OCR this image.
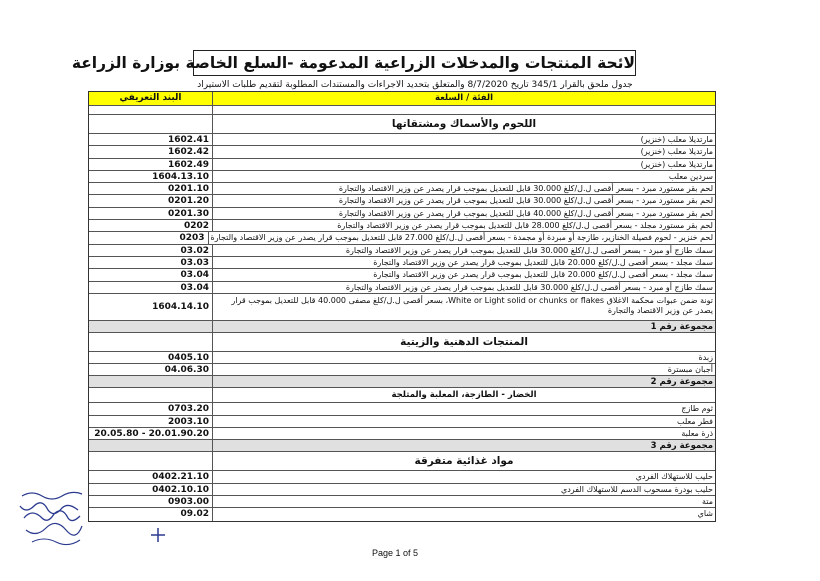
لائحة المنتجات والمدخلات الزراعية المدعومة -السلع الخاصة بوزارة الزراعة
جدول ملحق بالقرار 345/1 تاريخ 8/7/2020 والمتعلق بتحديد الاجراءات والمستندات المطلوبة لتقديم طلبات الاستيراد
الفئة / السلعة
البند التعريفي
اللحوم والأسماك ومشتقاتها
مارتديلا معلب (خنزير)
1602.41
مارتديلا معلب (خنزير)
1602.42
مارتديلا معلب (خنزير)
1602.49
سردين معلب
1604.13.10
لحم بقر مستورد مبرد - بسعر أقصى ل.ل/كلغ 30.000 قابل للتعديل بموجب قرار يصدر عن وزير الاقتصاد والتجارة
0201.10
لحم بقر مستورد مبرد - بسعر أقصى ل.ل/كلغ 30.000 قابل للتعديل بموجب قرار يصدر عن وزير الاقتصاد والتجارة
0201.20
لحم بقر مستورد مبرد - بسعر أقصى ل.ل/كلغ 40.000 قابل للتعديل بموجب قرار يصدر عن وزير الاقتصاد والتجارة
0201.30
لحم بقر مستورد مجلد - بسعر أقصى ل.ل/كلغ 28.000 قابل للتعديل بموجب قرار يصدر عن وزير الاقتصاد والتجارة
0202
لحم خنزير - لحوم فصيلة الخنازير، طازجة أو مبردة أو مجمدة - بسعر أقصى ل.ل/كلغ 27.000 قابل للتعديل بموجب قرار يصدر عن وزير الاقتصاد والتجارة
0203
سمك طازج أو مبرد - بسعر أقصى ل.ل/كلغ 30.000 قابل للتعديل بموجب قرار يصدر عن وزير الاقتصاد والتجارة
03.02
سمك مجلد - بسعر أقصى ل.ل/كلغ 20.000 قابل للتعديل بموجب قرار يصدر عن وزير الاقتصاد والتجارة
03.03
سمك مجلد - بسعر أقصى ل.ل/كلغ 20.000 قابل للتعديل بموجب قرار يصدر عن وزير الاقتصاد والتجارة
03.04
سمك طازج أو مبرد - بسعر أقصى ل.ل/كلغ 30.000 قابل للتعديل بموجب قرار يصدر عن وزير الاقتصاد والتجارة
03.04
تونة ضمن عبوات محكمة الاغلاق White or Light solid or chunks or flakes، بسعر أقصى ل.ل/كلغ مصفى 40.000 قابل للتعديل بموجب قرار يصدر عن وزير الاقتصاد والتجارة
1604.14.10
مجموعة رقم 1
المنتجات الدهنية والزيتية
زبدة
0405.10
أجبان مبسترة
04.06.30
مجموعة رقم 2
الخضار - الطازجة، المعلبة والمثلجة
ثوم طازج
0703.20
فطر معلب
2003.10
ذرة معلبة
20.05.80 - 20.01.90.20
مجموعة رقم 3
مواد غذائية متفرقة
حليب للاستهلاك الفردي
0402.21.10
حليب بودرة مسحوب الدسم للاستهلاك الفردي
0402.10.10
متة
0903.00
شاي
09.02
Page 1 of 5
